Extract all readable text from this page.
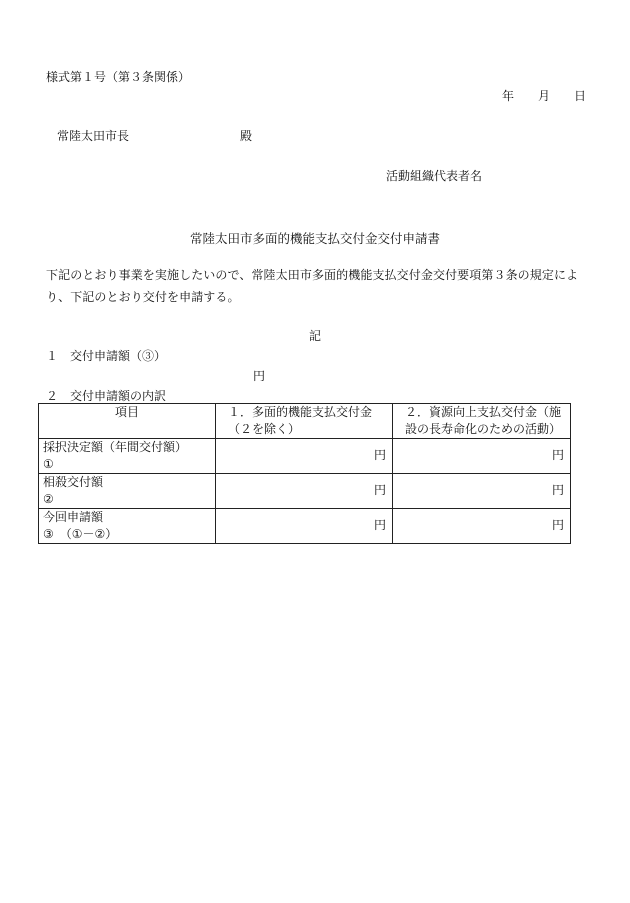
様式第１号（第３条関係）
年 月 日
常陸太田市長	殿
活動組織代表者名
常陸太田市多面的機能支払交付金交付申請書
下記のとおり事業を実施したいので、常陸太田市多面的機能支払交付金交付要項第３条の規定により、下記のとおり交付を申請する。
記
１ 交付申請額（③）
円
２ 交付申請額の内訳
項目	１．多面的機能支払交付金（２を除く）	２．資源向上支払交付金（施設の長寿命化のための活動）

採択決定額（年間交付額）
①	円	円

相殺交付額
②	円	円

今回申請額
③　（①－②）	円	円
